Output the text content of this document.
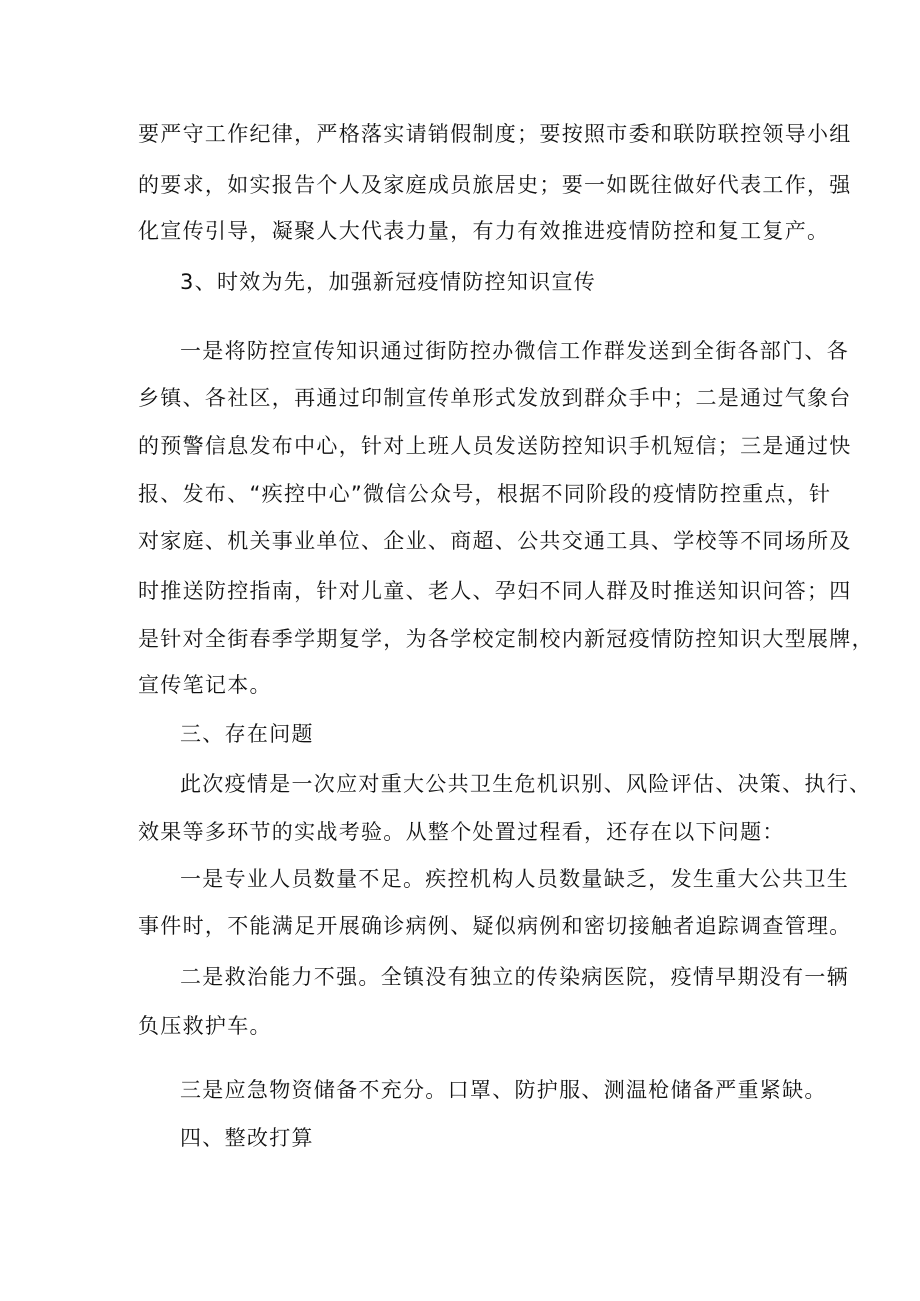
要严守工作纪律，严格落实请销假制度；要按照市委和联防联控领导小组
的要求，如实报告个人及家庭成员旅居史；要一如既往做好代表工作，强
化宣传引导，凝聚人大代表力量，有力有效推进疫情防控和复工复产。
3、时效为先，加强新冠疫情防控知识宣传
一是将防控宣传知识通过街防控办微信工作群发送到全街各部门、各
乡镇、各社区，再通过印制宣传单形式发放到群众手中；二是通过气象台
的预警信息发布中心，针对上班人员发送防控知识手机短信；三是通过快
报、发布、“疾控中心”微信公众号，根据不同阶段的疫情防控重点，针
对家庭、机关事业单位、企业、商超、公共交通工具、学校等不同场所及
时推送防控指南，针对儿童、老人、孕妇不同人群及时推送知识问答；四
是针对全街春季学期复学，为各学校定制校内新冠疫情防控知识大型展牌，
宣传笔记本。
三、存在问题
此次疫情是一次应对重大公共卫生危机识别、风险评估、决策、执行、
效果等多环节的实战考验。从整个处置过程看，还存在以下问题：
一是专业人员数量不足。疾控机构人员数量缺乏，发生重大公共卫生
事件时，不能满足开展确诊病例、疑似病例和密切接触者追踪调查管理。
二是救治能力不强。全镇没有独立的传染病医院，疫情早期没有一辆
负压救护车。
三是应急物资储备不充分。口罩、防护服、测温枪储备严重紧缺。
四、整改打算
